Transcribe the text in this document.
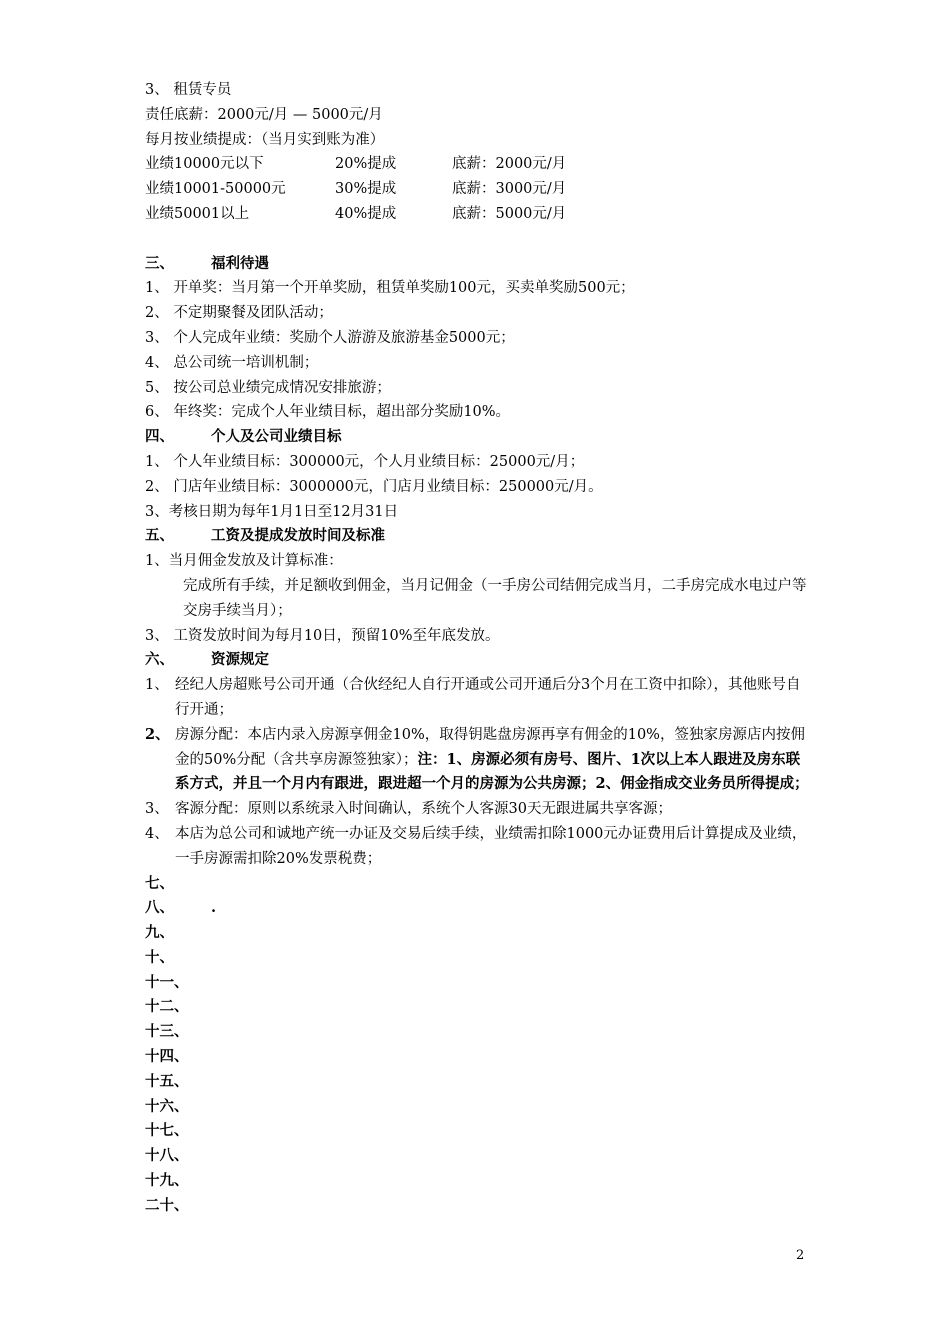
3、 租赁专员
责任底薪：2000元/月 — 5000元/月
每月按业绩提成：（当月实到账为准）
业绩10000元以下	20%提成	底薪：2000元/月
业绩10001-50000元	30%提成	底薪：3000元/月
业绩50001以上	40%提成	底薪：5000元/月
三、	福利待遇
1、 开单奖：当月第一个开单奖励，租赁单奖励100元，买卖单奖励500元；
2、 不定期聚餐及团队活动；
3、 个人完成年业绩：奖励个人游游及旅游基金5000元；
4、 总公司统一培训机制；
5、 按公司总业绩完成情况安排旅游；
6、 年终奖：完成个人年业绩目标，超出部分奖励10%。
四、	个人及公司业绩目标
1、 个人年业绩目标：300000元，个人月业绩目标：25000元/月；
2、 门店年业绩目标：3000000元，门店月业绩目标：250000元/月。
3、考核日期为每年1月1日至12月31日
五、	工资及提成发放时间及标准
1、当月佣金发放及计算标准：
完成所有手续，并足额收到佣金，当月记佣金（一手房公司结佣完成当月，二手房完成水电过户等交房手续当月）；
3、 工资发放时间为每月10日，预留10%至年底发放。
六、	资源规定
1、 经纪人房超账号公司开通（合伙经纪人自行开通或公司开通后分3个月在工资中扣除），其他账号自行开通；
2、 房源分配：本店内录入房源享佣金10%，取得钥匙盘房源再享有佣金的10%，签独家房源店内按佣金的50%分配（含共享房源签独家）；注：1、房源必须有房号、图片、1次以上本人跟进及房东联系方式，并且一个月内有跟进，跟进超一个月的房源为公共房源；2、佣金指成交业务员所得提成；
3、 客源分配：原则以系统录入时间确认，系统个人客源30天无跟进属共享客源；
4、 本店为总公司和诚地产统一办证及交易后续手续，业绩需扣除1000元办证费用后计算提成及业绩，一手房源需扣除20%发票税费；
七、
八、	.
九、
十、
十一、
十二、
十三、
十四、
十五、
十六、
十七、
十八、
十九、
二十、
2
